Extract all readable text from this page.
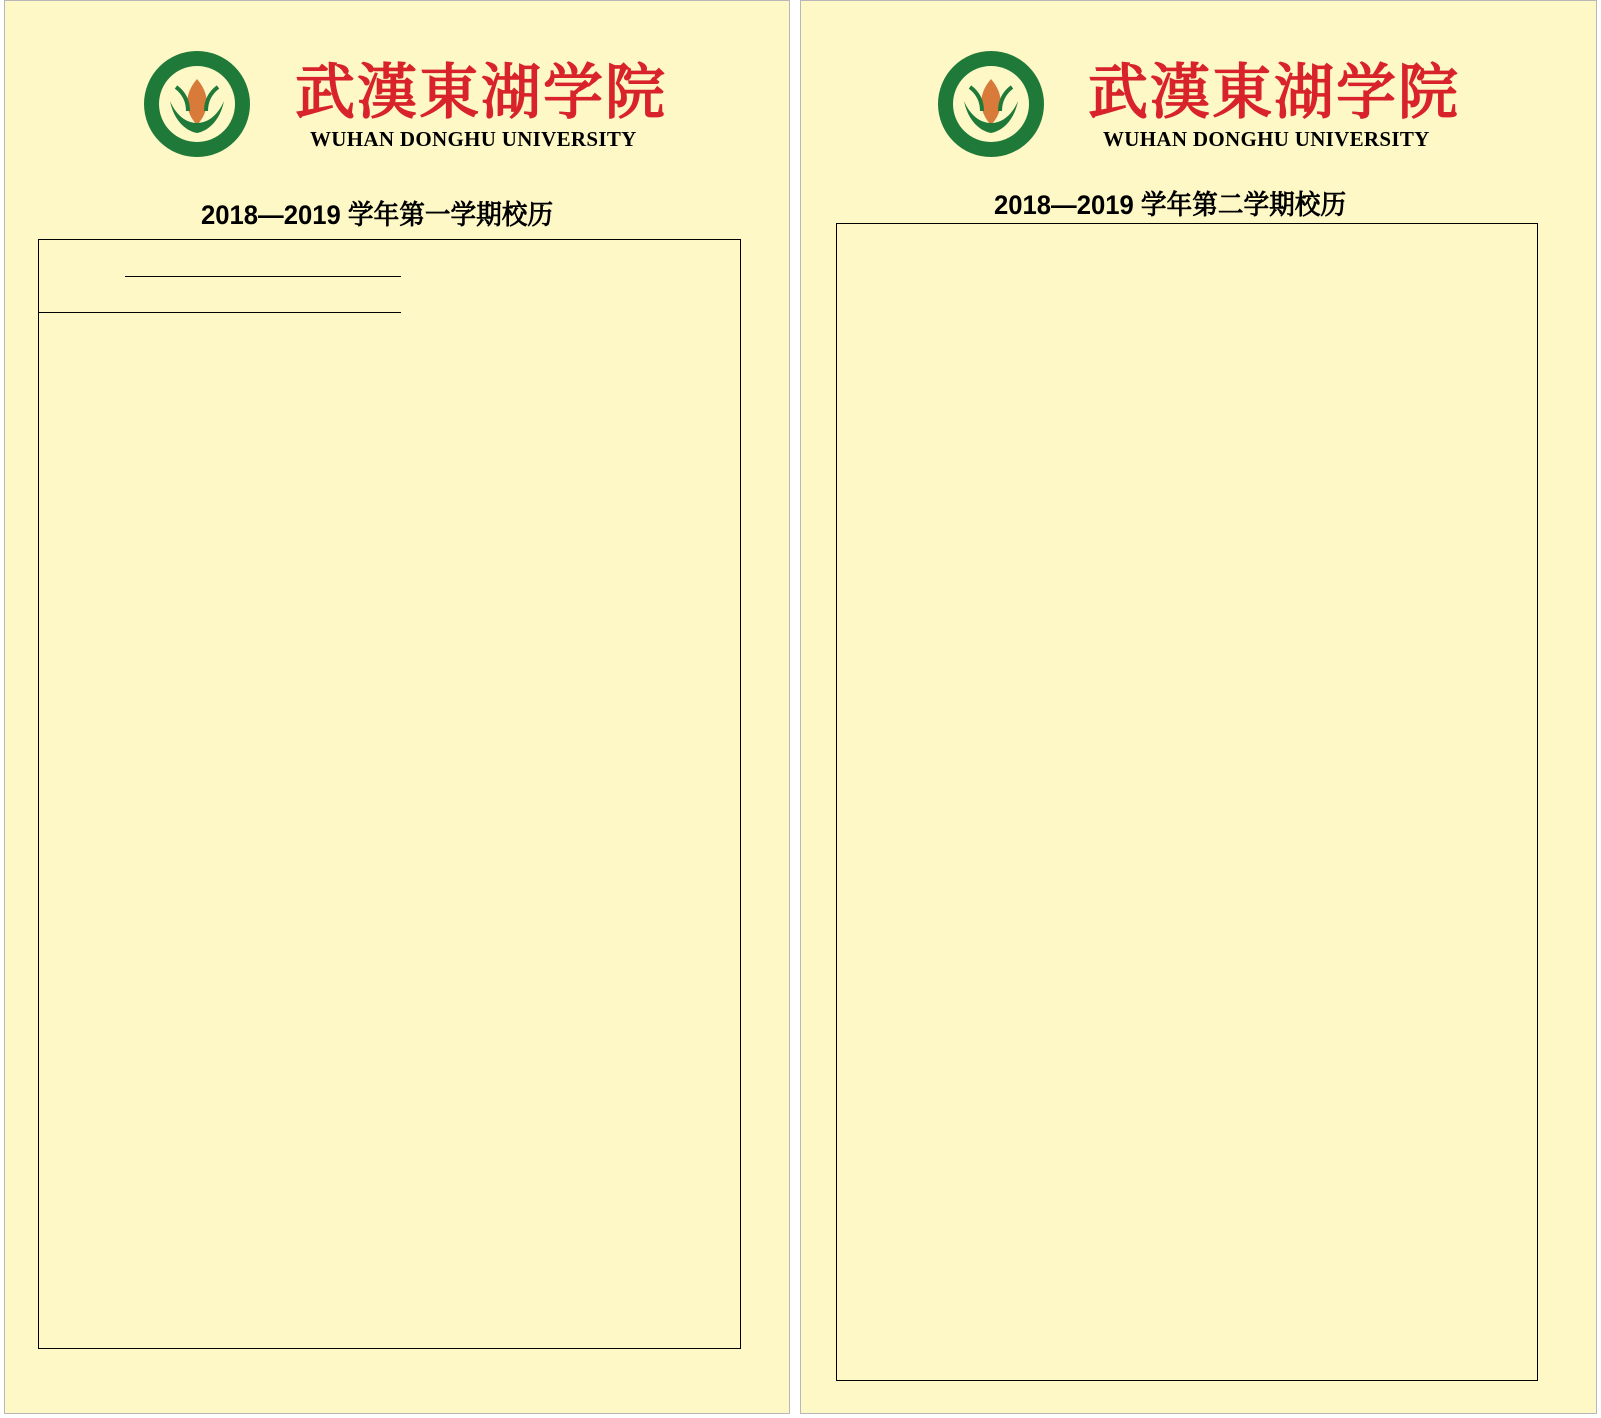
武漢東湖学院
WUHAN DONGHU UNIVERSITY
2018—2019 学年第一学期校历
武漢東湖学院
WUHAN DONGHU UNIVERSITY
2018—2019 学年第二学期校历
